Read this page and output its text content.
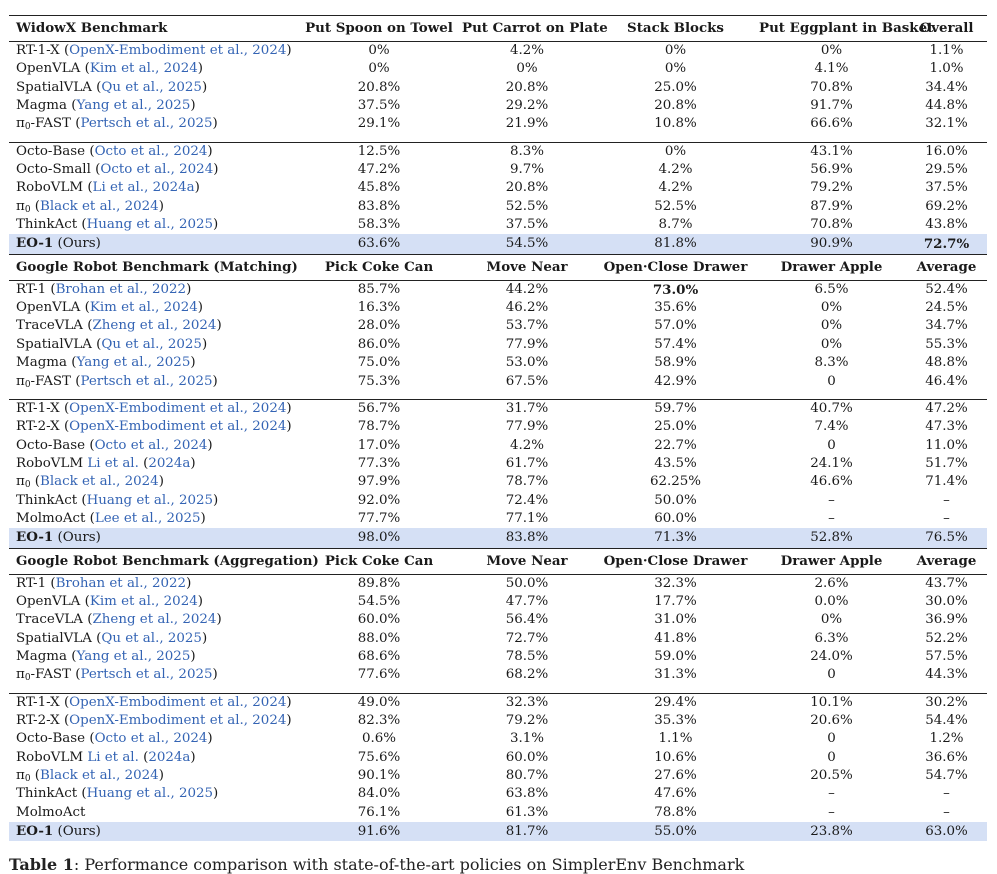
WidowX Benchmark	Put Spoon on Towel	Put Carrot on Plate	Stack Blocks	Put Eggplant in Basket	Overall
RT-1-X (OpenX-Embodiment et al., 2024)	0%	4.2%	0%	0%	1.1%
OpenVLA (Kim et al., 2024)	0%	0%	0%	4.1%	1.0%
SpatialVLA (Qu et al., 2025)	20.8%	20.8%	25.0%	70.8%	34.4%
Magma (Yang et al., 2025)	37.5%	29.2%	20.8%	91.7%	44.8%
$\pi_0$-FAST (Pertsch et al., 2025)	29.1%	21.9%	10.8%	66.6%	32.1%

Octo-Base (Octo et al., 2024)	12.5%	8.3%	0%	43.1%	16.0%
Octo-Small (Octo et al., 2024)	47.2%	9.7%	4.2%	56.9%	29.5%
RoboVLM (Li et al., 2024a)	45.8%	20.8%	4.2%	79.2%	37.5%
$\pi_0$ (Black et al., 2024)	83.8%	52.5%	52.5%	87.9%	69.2%
ThinkAct (Huang et al., 2025)	58.3%	37.5%	8.7%	70.8%	43.8%
EO-1 (Ours)	63.6%	54.5%	81.8%	90.9%	72.7%
Google Robot Benchmark (Matching)	Pick Coke Can	Move Near	Open·Close Drawer	Drawer Apple	Average
RT-1 (Brohan et al., 2022)	85.7%	44.2%	73.0%	6.5%	52.4%
OpenVLA (Kim et al., 2024)	16.3%	46.2%	35.6%	0%	24.5%
TraceVLA (Zheng et al., 2024)	28.0%	53.7%	57.0%	0%	34.7%
SpatialVLA (Qu et al., 2025)	86.0%	77.9%	57.4%	0%	55.3%
Magma (Yang et al., 2025)	75.0%	53.0%	58.9%	8.3%	48.8%
$\pi_0$-FAST (Pertsch et al., 2025)	75.3%	67.5%	42.9%	0	46.4%

RT-1-X (OpenX-Embodiment et al., 2024)	56.7%	31.7%	59.7%	40.7%	47.2%
RT-2-X (OpenX-Embodiment et al., 2024)	78.7%	77.9%	25.0%	7.4%	47.3%
Octo-Base (Octo et al., 2024)	17.0%	4.2%	22.7%	0	11.0%
RoboVLM Li et al. (2024a)	77.3%	61.7%	43.5%	24.1%	51.7%
$\pi_0$ (Black et al., 2024)	97.9%	78.7%	62.25%	46.6%	71.4%
ThinkAct (Huang et al., 2025)	92.0%	72.4%	50.0%	–	–
MolmoAct (Lee et al., 2025)	77.7%	77.1%	60.0%	–	–
EO-1 (Ours)	98.0%	83.8%	71.3%	52.8%	76.5%
Google Robot Benchmark (Aggregation)	Pick Coke Can	Move Near	Open·Close Drawer	Drawer Apple	Average
RT-1 (Brohan et al., 2022)	89.8%	50.0%	32.3%	2.6%	43.7%
OpenVLA (Kim et al., 2024)	54.5%	47.7%	17.7%	0.0%	30.0%
TraceVLA (Zheng et al., 2024)	60.0%	56.4%	31.0%	0%	36.9%
SpatialVLA (Qu et al., 2025)	88.0%	72.7%	41.8%	6.3%	52.2%
Magma (Yang et al., 2025)	68.6%	78.5%	59.0%	24.0%	57.5%
$\pi_0$-FAST (Pertsch et al., 2025)	77.6%	68.2%	31.3%	0	44.3%

RT-1-X (OpenX-Embodiment et al., 2024)	49.0%	32.3%	29.4%	10.1%	30.2%
RT-2-X (OpenX-Embodiment et al., 2024)	82.3%	79.2%	35.3%	20.6%	54.4%
Octo-Base (Octo et al., 2024)	0.6%	3.1%	1.1%	0	1.2%
RoboVLM Li et al. (2024a)	75.6%	60.0%	10.6%	0	36.6%
$\pi_0$ (Black et al., 2024)	90.1%	80.7%	27.6%	20.5%	54.7%
ThinkAct (Huang et al., 2025)	84.0%	63.8%	47.6%	–	–
MolmoAct	76.1%	61.3%	78.8%	–	–
EO-1 (Ours)	91.6%	81.7%	55.0%	23.8%	63.0%
Table 1: Performance comparison with state-of-the-art policies on SimplerEnv Benchmark
